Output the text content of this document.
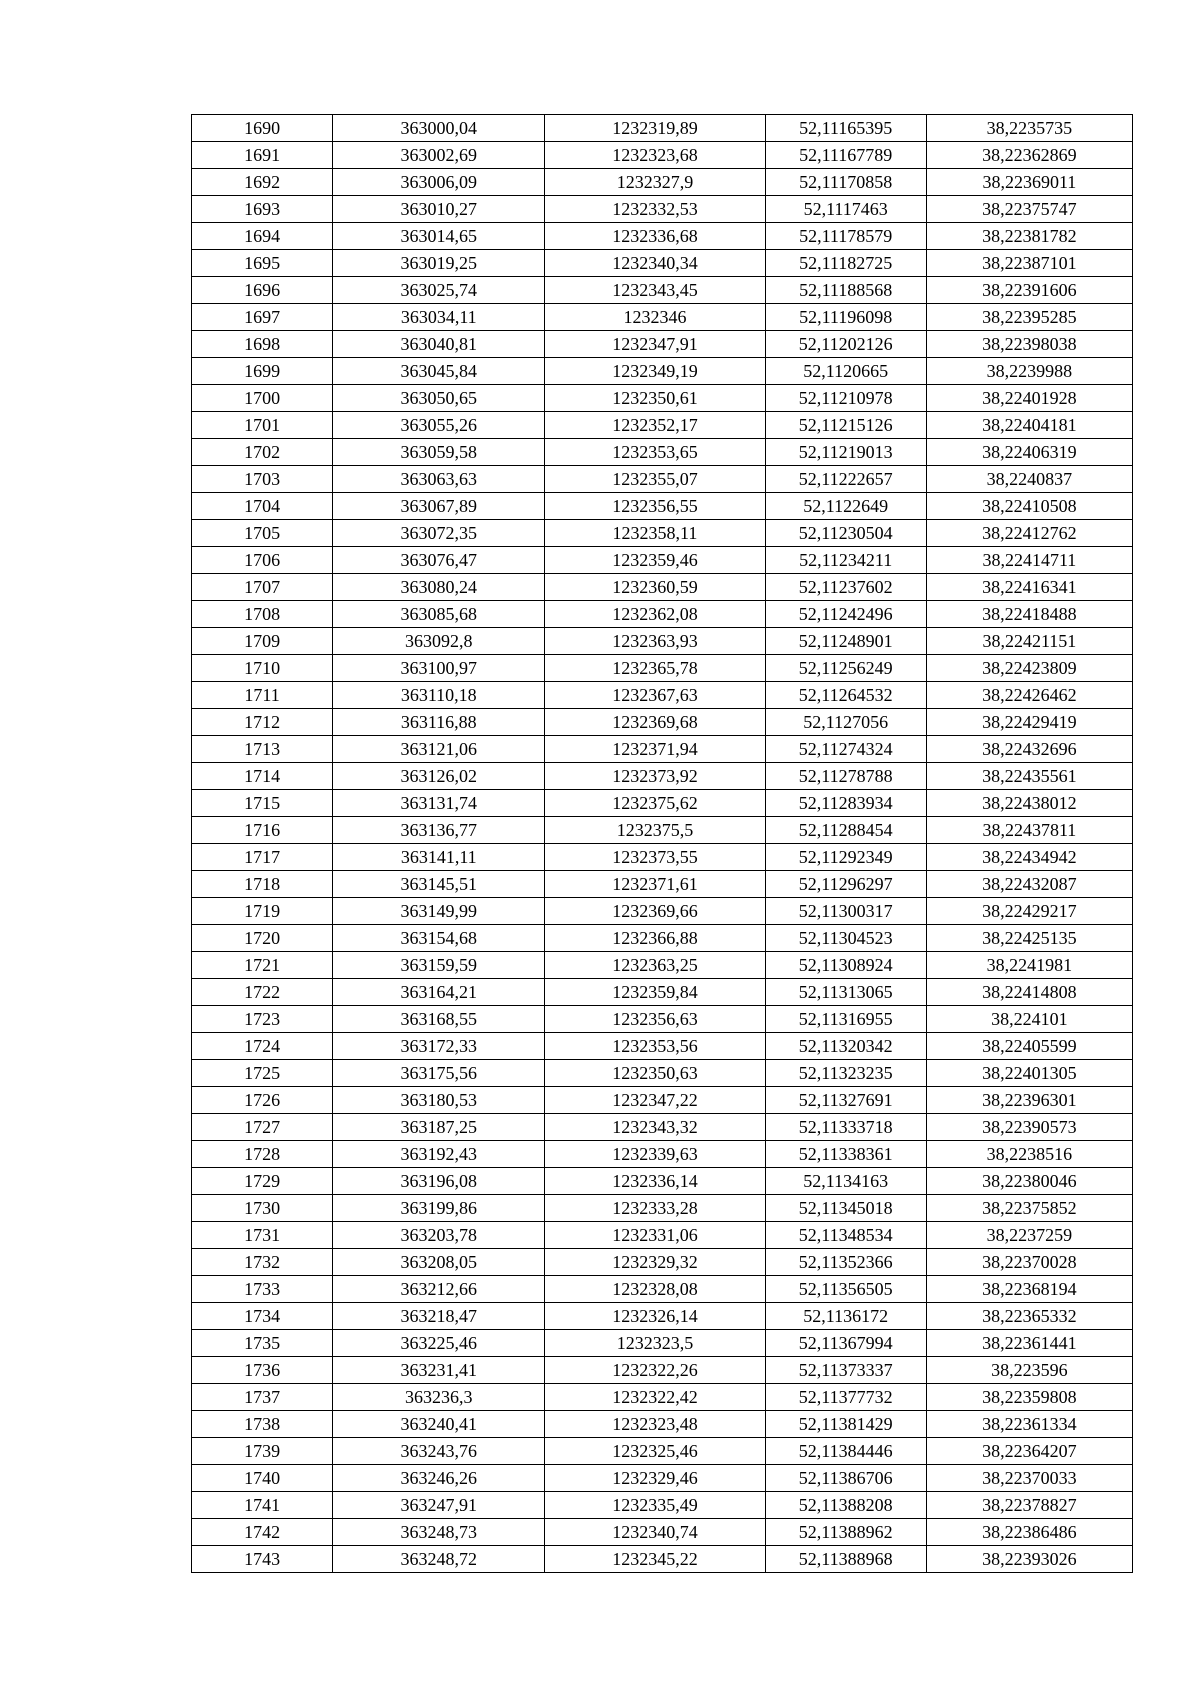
1690	363000,04	1232319,89	52,11165395	38,2235735
1691	363002,69	1232323,68	52,11167789	38,22362869
1692	363006,09	1232327,9	52,11170858	38,22369011
1693	363010,27	1232332,53	52,1117463	38,22375747
1694	363014,65	1232336,68	52,11178579	38,22381782
1695	363019,25	1232340,34	52,11182725	38,22387101
1696	363025,74	1232343,45	52,11188568	38,22391606
1697	363034,11	1232346	52,11196098	38,22395285
1698	363040,81	1232347,91	52,11202126	38,22398038
1699	363045,84	1232349,19	52,1120665	38,2239988
1700	363050,65	1232350,61	52,11210978	38,22401928
1701	363055,26	1232352,17	52,11215126	38,22404181
1702	363059,58	1232353,65	52,11219013	38,22406319
1703	363063,63	1232355,07	52,11222657	38,2240837
1704	363067,89	1232356,55	52,1122649	38,22410508
1705	363072,35	1232358,11	52,11230504	38,22412762
1706	363076,47	1232359,46	52,11234211	38,22414711
1707	363080,24	1232360,59	52,11237602	38,22416341
1708	363085,68	1232362,08	52,11242496	38,22418488
1709	363092,8	1232363,93	52,11248901	38,22421151
1710	363100,97	1232365,78	52,11256249	38,22423809
1711	363110,18	1232367,63	52,11264532	38,22426462
1712	363116,88	1232369,68	52,1127056	38,22429419
1713	363121,06	1232371,94	52,11274324	38,22432696
1714	363126,02	1232373,92	52,11278788	38,22435561
1715	363131,74	1232375,62	52,11283934	38,22438012
1716	363136,77	1232375,5	52,11288454	38,22437811
1717	363141,11	1232373,55	52,11292349	38,22434942
1718	363145,51	1232371,61	52,11296297	38,22432087
1719	363149,99	1232369,66	52,11300317	38,22429217
1720	363154,68	1232366,88	52,11304523	38,22425135
1721	363159,59	1232363,25	52,11308924	38,2241981
1722	363164,21	1232359,84	52,11313065	38,22414808
1723	363168,55	1232356,63	52,11316955	38,224101
1724	363172,33	1232353,56	52,11320342	38,22405599
1725	363175,56	1232350,63	52,11323235	38,22401305
1726	363180,53	1232347,22	52,11327691	38,22396301
1727	363187,25	1232343,32	52,11333718	38,22390573
1728	363192,43	1232339,63	52,11338361	38,2238516
1729	363196,08	1232336,14	52,1134163	38,22380046
1730	363199,86	1232333,28	52,11345018	38,22375852
1731	363203,78	1232331,06	52,11348534	38,2237259
1732	363208,05	1232329,32	52,11352366	38,22370028
1733	363212,66	1232328,08	52,11356505	38,22368194
1734	363218,47	1232326,14	52,1136172	38,22365332
1735	363225,46	1232323,5	52,11367994	38,22361441
1736	363231,41	1232322,26	52,11373337	38,223596
1737	363236,3	1232322,42	52,11377732	38,22359808
1738	363240,41	1232323,48	52,11381429	38,22361334
1739	363243,76	1232325,46	52,11384446	38,22364207
1740	363246,26	1232329,46	52,11386706	38,22370033
1741	363247,91	1232335,49	52,11388208	38,22378827
1742	363248,73	1232340,74	52,11388962	38,22386486
1743	363248,72	1232345,22	52,11388968	38,22393026
